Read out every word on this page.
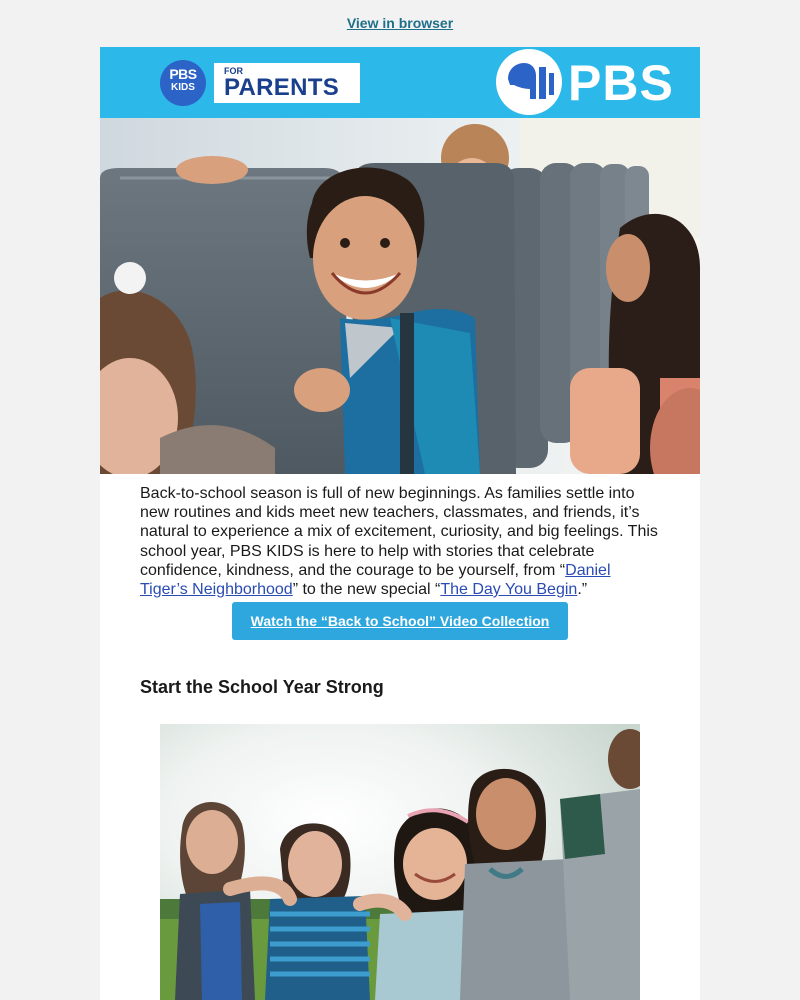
View in browser
PBS
KIDS
FOR
PARENTS	PBS
Back-to-school season is full of new beginnings. As families settle into new routines and kids meet new teachers, classmates, and friends, it’s natural to experience a mix of excitement, curiosity, and big feelings. This school year, PBS KIDS is here to help with stories that celebrate confidence, kindness, and the courage to be yourself, from “Daniel Tiger’s Neighborhood” to the new special “The Day You Begin.”
Watch the “Back to School” Video Collection
Start the School Year Strong
